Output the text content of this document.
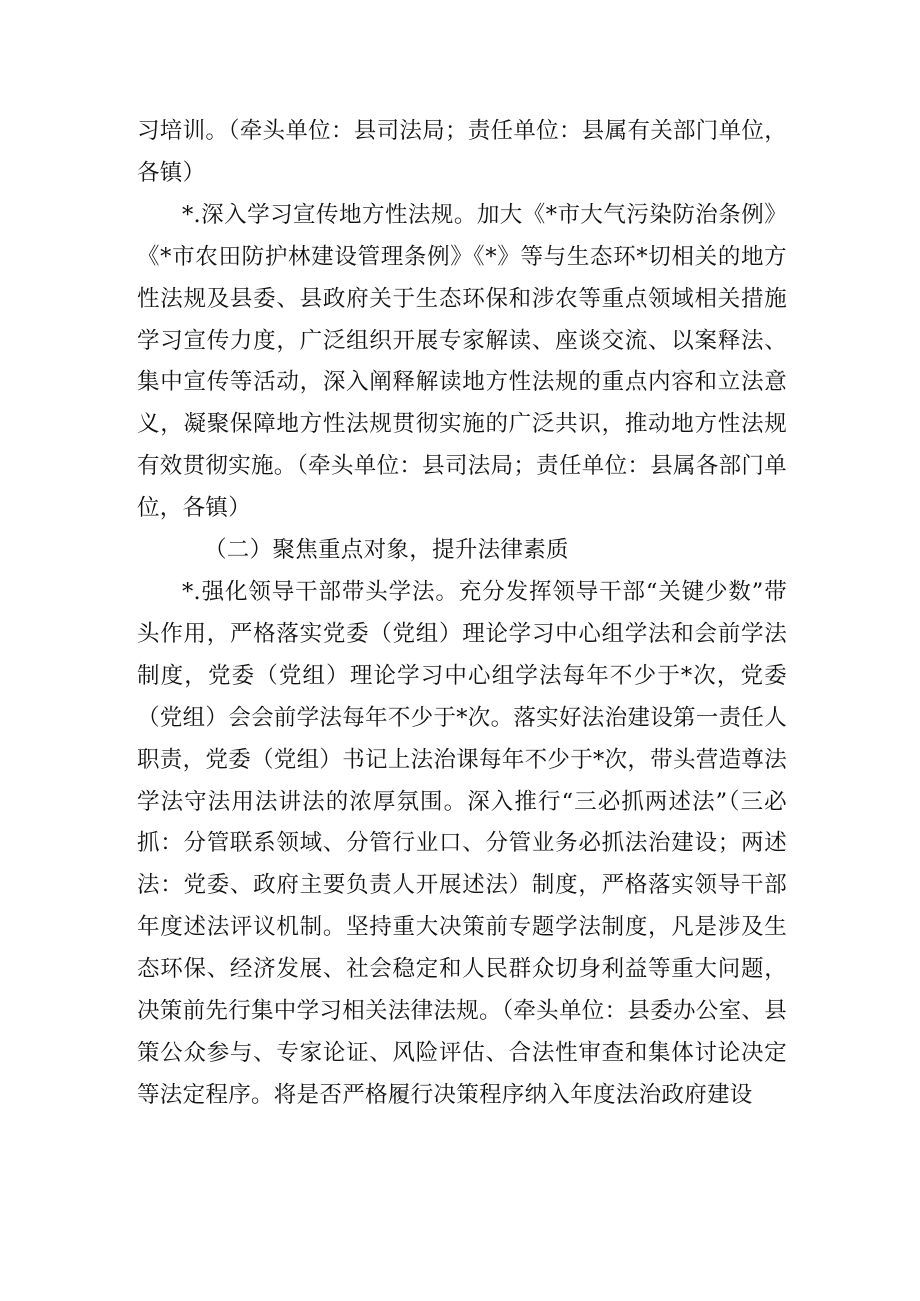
习培训。（牵头单位：县司法局；责任单位：县属有关部门单位，各镇）

*.深入学习宣传地方性法规。加大《*市大气污染防治条例》《*市农田防护林建设管理条例》《*》等与生态环*切相关的地方性法规及县委、县政府关于生态环保和涉农等重点领域相关措施学习宣传力度，广泛组织开展专家解读、座谈交流、以案释法、集中宣传等活动，深入阐释解读地方性法规的重点内容和立法意义，凝聚保障地方性法规贯彻实施的广泛共识，推动地方性法规有效贯彻实施。（牵头单位：县司法局；责任单位：县属各部门单位，各镇）

（二）聚焦重点对象，提升法律素质

*.强化领导干部带头学法。充分发挥领导干部“关键少数”带头作用，严格落实党委（党组）理论学习中心组学法和会前学法制度，党委（党组）理论学习中心组学法每年不少于*次，党委（党组）会会前学法每年不少于*次。落实好法治建设第一责任人职责，党委（党组）书记上法治课每年不少于*次，带头营造尊法学法守法用法讲法的浓厚氛围。深入推行“三必抓两述法”（三必抓：分管联系领域、分管行业口、分管业务必抓法治建设；两述法：党委、政府主要负责人开展述法）制度，严格落实领导干部年度述法评议机制。坚持重大决策前专题学法制度，凡是涉及生态环保、经济发展、社会稳定和人民群众切身利益等重大问题，决策前先行集中学习相关法律法规。（牵头单位：县委办公室、县策公众参与、专家论证、风险评估、合法性审查和集体讨论决定等法定程序。将是否严格履行决策程序纳入年度法治政府建设
